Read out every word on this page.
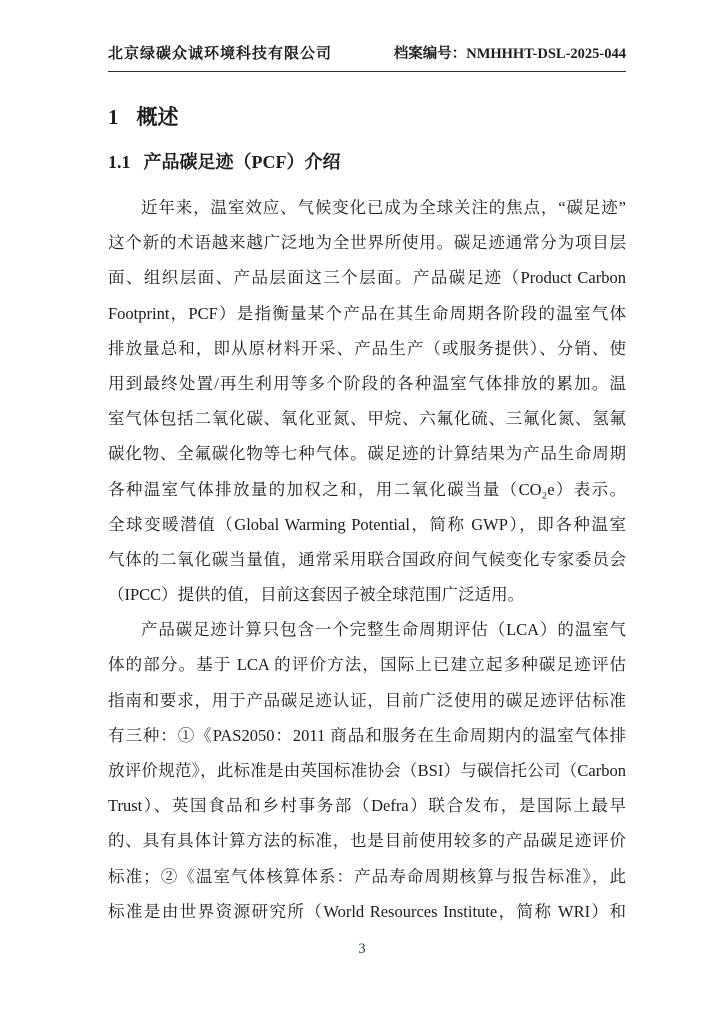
北京绿碳众诚环境科技有限公司	档案编号：NMHHHT-DSL-2025-044
1 概述
1.1 产品碳足迹（PCF）介绍
近年来，温室效应、气候变化已成为全球关注的焦点，“碳足迹”
这个新的术语越来越广泛地为全世界所使用。碳足迹通常分为项目层
面、组织层面、产品层面这三个层面。产品碳足迹（Product Carbon
Footprint，PCF）是指衡量某个产品在其生命周期各阶段的温室气体
排放量总和，即从原材料开采、产品生产（或服务提供）、分销、使
用到最终处置/再生利用等多个阶段的各种温室气体排放的累加。温
室气体包括二氧化碳、氧化亚氮、甲烷、六氟化硫、三氟化氮、氢氟
碳化物、全氟碳化物等七种气体。碳足迹的计算结果为产品生命周期
各种温室气体排放量的加权之和，用二氧化碳当量（CO₂e）表示。
全球变暖潜值（Global Warming Potential，简称 GWP），即各种温室
气体的二氧化碳当量值，通常采用联合国政府间气候变化专家委员会
（IPCC）提供的值，目前这套因子被全球范围广泛适用。
产品碳足迹计算只包含一个完整生命周期评估（LCA）的温室气
体的部分。基于 LCA 的评价方法，国际上已建立起多种碳足迹评估
指南和要求，用于产品碳足迹认证，目前广泛使用的碳足迹评估标准
有三种：①《PAS2050：2011 商品和服务在生命周期内的温室气体排
放评价规范》，此标准是由英国标准协会（BSI）与碳信托公司（Carbon
Trust）、英国食品和乡村事务部（Defra）联合发布，是国际上最早
的、具有具体计算方法的标准，也是目前使用较多的产品碳足迹评价
标准；②《温室气体核算体系：产品寿命周期核算与报告标准》，此
标准是由世界资源研究所（World Resources Institute，简称 WRI）和
3
